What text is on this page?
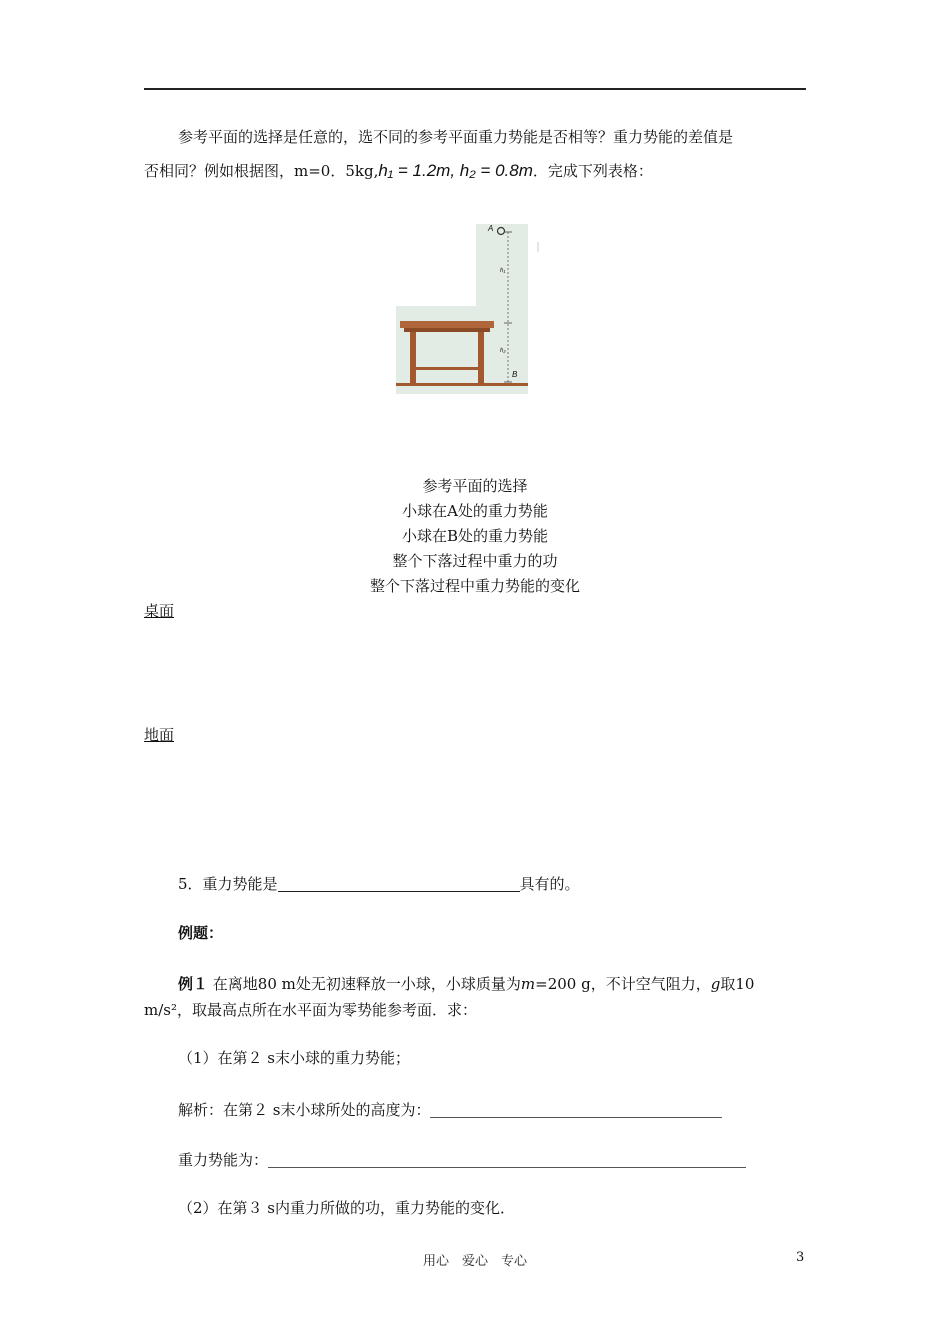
参考平面的选择是任意的，选不同的参考平面重力势能是否相等？重力势能的差值是
否相同？例如根据图，m=0．5kg,h₁ = 1.2m, h₂ = 0.8m．完成下列表格：
A
B
h₁
h₂
参考平面的选择
小球在A处的重力势能
小球在B处的重力势能
整个下落过程中重力的功
整个下落过程中重力势能的变化
桌面
地面
5．重力势能是	具有的。
例题：
例１ 在离地80 m处无初速释放一小球，小球质量为m=200 g，不计空气阻力，g取10
m/s²，取最高点所在水平面为零势能参考面．求：
（1）在第２ s末小球的重力势能；
解析：在第２ s末小球所处的高度为：
重力势能为：
（2）在第３ s内重力所做的功，重力势能的变化．
用心　爱心　专心	3
